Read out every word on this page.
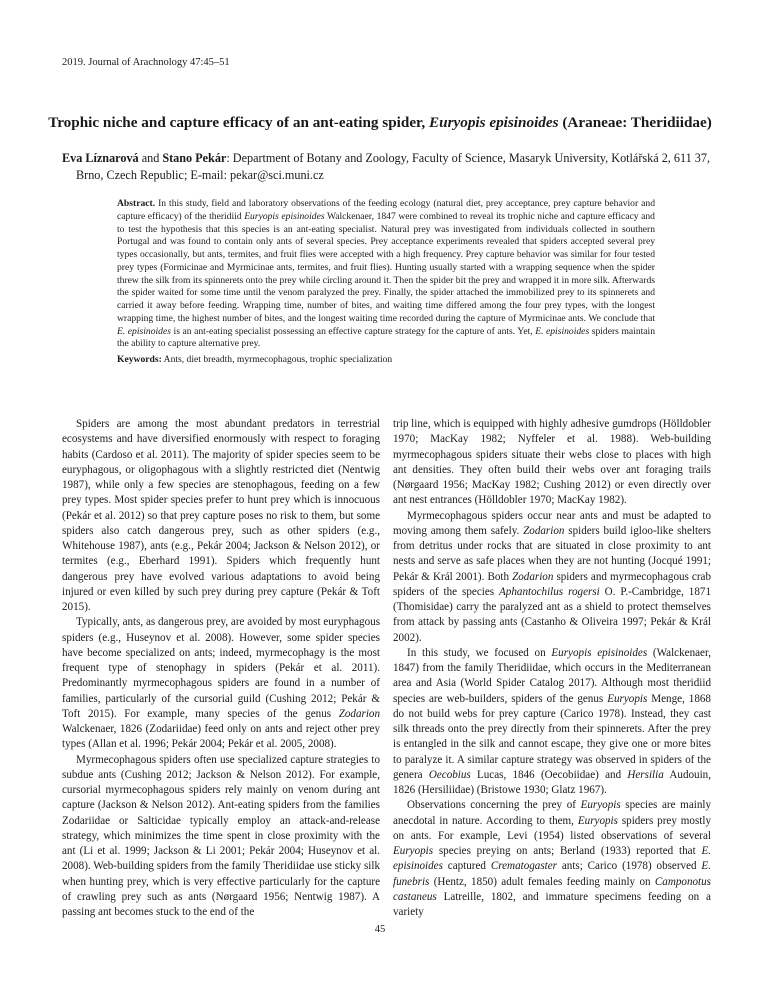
2019. Journal of Arachnology 47:45–51
Trophic niche and capture efficacy of an ant-eating spider, Euryopis episinoides (Araneae: Theridiidae)
Eva Líznarová and Stano Pekár: Department of Botany and Zoology, Faculty of Science, Masaryk University, Kotlářská 2, 611 37, Brno, Czech Republic; E-mail: pekar@sci.muni.cz
Abstract. In this study, field and laboratory observations of the feeding ecology (natural diet, prey acceptance, prey capture behavior and capture efficacy) of the theridiid Euryopis episinoides Walckenaer, 1847 were combined to reveal its trophic niche and capture efficacy and to test the hypothesis that this species is an ant-eating specialist. Natural prey was investigated from individuals collected in southern Portugal and was found to contain only ants of several species. Prey acceptance experiments revealed that spiders accepted several prey types occasionally, but ants, termites, and fruit flies were accepted with a high frequency. Prey capture behavior was similar for four tested prey types (Formicinae and Myrmicinae ants, termites, and fruit flies). Hunting usually started with a wrapping sequence when the spider threw the silk from its spinnerets onto the prey while circling around it. Then the spider bit the prey and wrapped it in more silk. Afterwards the spider waited for some time until the venom paralyzed the prey. Finally, the spider attached the immobilized prey to its spinnerets and carried it away before feeding. Wrapping time, number of bites, and waiting time differed among the four prey types, with the longest wrapping time, the highest number of bites, and the longest waiting time recorded during the capture of Myrmicinae ants. We conclude that E. episinoides is an ant-eating specialist possessing an effective capture strategy for the capture of ants. Yet, E. episinoides spiders maintain the ability to capture alternative prey.
Keywords: Ants, diet breadth, myrmecophagous, trophic specialization

Spiders are among the most abundant predators in terrestrial ecosystems and have diversified enormously with respect to foraging habits (Cardoso et al. 2011). The majority of spider species seem to be euryphagous, or oligophagous with a slightly restricted diet (Nentwig 1987), while only a few species are stenophagous, feeding on a few prey types. Most spider species prefer to hunt prey which is innocuous (Pekár et al. 2012) so that prey capture poses no risk to them, but some spiders also catch dangerous prey, such as other spiders (e.g., Whitehouse 1987), ants (e.g., Pekár 2004; Jackson & Nelson 2012), or termites (e.g., Eberhard 1991). Spiders which frequently hunt dangerous prey have evolved various adaptations to avoid being injured or even killed by such prey during prey capture (Pekár & Toft 2015).

Typically, ants, as dangerous prey, are avoided by most euryphagous spiders (e.g., Huseynov et al. 2008). However, some spider species have become specialized on ants; indeed, myrmecophagy is the most frequent type of stenophagy in spiders (Pekár et al. 2011). Predominantly myrmecophagous spiders are found in a number of families, particularly of the cursorial guild (Cushing 2012; Pekár & Toft 2015). For example, many species of the genus Zodarion Walckenaer, 1826 (Zodariidae) feed only on ants and reject other prey types (Allan et al. 1996; Pekár 2004; Pekár et al. 2005, 2008).

Myrmecophagous spiders often use specialized capture strategies to subdue ants (Cushing 2012; Jackson & Nelson 2012). For example, cursorial myrmecophagous spiders rely mainly on venom during ant capture (Jackson & Nelson 2012). Ant-eating spiders from the families Zodariidae or Salticidae typically employ an attack-and-release strategy, which minimizes the time spent in close proximity with the ant (Li et al. 1999; Jackson & Li 2001; Pekár 2004; Huseynov et al. 2008). Web-building spiders from the family Theridiidae use sticky silk when hunting prey, which is very effective particularly for the capture of crawling prey such as ants (Nørgaard 1956; Nentwig 1987). A passing ant becomes stuck to the end of the

trip line, which is equipped with highly adhesive gumdrops (Hölldobler 1970; MacKay 1982; Nyffeler et al. 1988). Web-building myrmecophagous spiders situate their webs close to places with high ant densities. They often build their webs over ant foraging trails (Nørgaard 1956; MacKay 1982; Cushing 2012) or even directly over ant nest entrances (Hölldobler 1970; MacKay 1982).

Myrmecophagous spiders occur near ants and must be adapted to moving among them safely. Zodarion spiders build igloo-like shelters from detritus under rocks that are situated in close proximity to ant nests and serve as safe places when they are not hunting (Jocqué 1991; Pekár & Král 2001). Both Zodarion spiders and myrmecophagous crab spiders of the species Aphantochilus rogersi O. P.-Cambridge, 1871 (Thomisidae) carry the paralyzed ant as a shield to protect themselves from attack by passing ants (Castanho & Oliveira 1997; Pekár & Král 2002).

In this study, we focused on Euryopis episinoides (Walckenaer, 1847) from the family Theridiidae, which occurs in the Mediterranean area and Asia (World Spider Catalog 2017). Although most theridiid species are web-builders, spiders of the genus Euryopis Menge, 1868 do not build webs for prey capture (Carico 1978). Instead, they cast silk threads onto the prey directly from their spinnerets. After the prey is entangled in the silk and cannot escape, they give one or more bites to paralyze it. A similar capture strategy was observed in spiders of the genera Oecobius Lucas, 1846 (Oecobiidae) and Hersilia Audouin, 1826 (Hersiliidae) (Bristowe 1930; Glatz 1967).

Observations concerning the prey of Euryopis species are mainly anecdotal in nature. According to them, Euryopis spiders prey mostly on ants. For example, Levi (1954) listed observations of several Euryopis species preying on ants; Berland (1933) reported that E. episinoides captured Crematogaster ants; Carico (1978) observed E. funebris (Hentz, 1850) adult females feeding mainly on Camponotus castaneus Latreille, 1802, and immature specimens feeding on a variety

45
